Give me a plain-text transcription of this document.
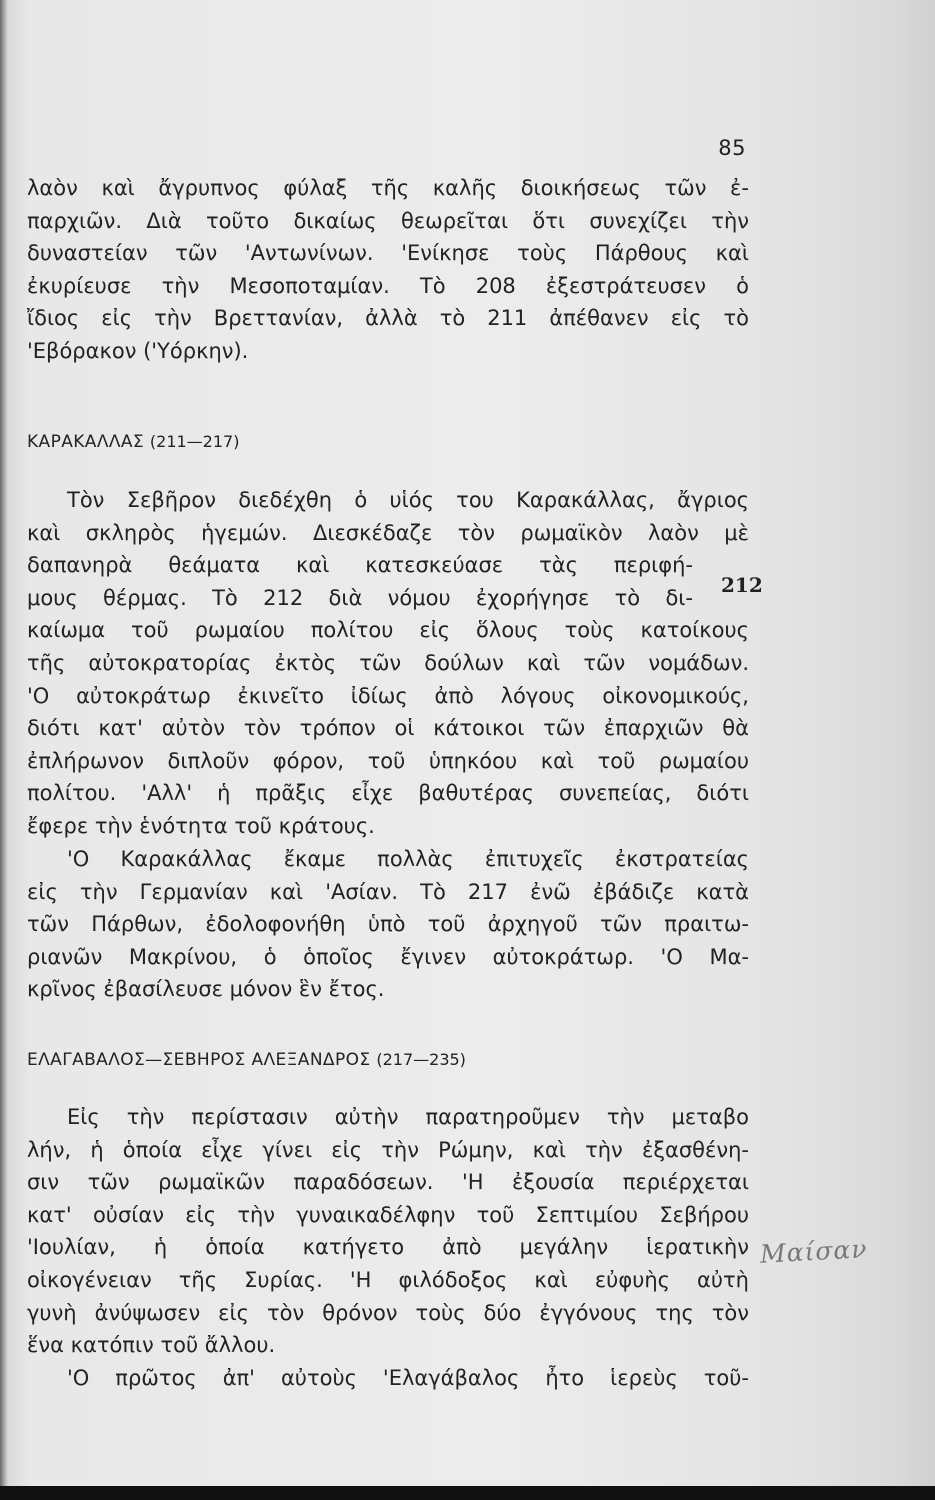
85
λαὸν καὶ ἄγρυπνος φύλαξ τῆς καλῆς διοικήσεως τῶν ἐ-
παρχιῶν. Διὰ τοῦτο δικαίως θεωρεῖται ὅτι συνεχίζει τὴν
δυναστείαν τῶν 'Αντωνίνων. 'Ενίκησε τοὺς Πάρθους καὶ
ἐκυρίευσε τὴν Μεσοποταμίαν. Τὸ 208 ἐξεστράτευσεν ὁ
ἴδιος εἰς τὴν Βρεττανίαν, ἀλλὰ τὸ 211 ἀπέθανεν εἰς τὸ
'Εβόρακον ('Υόρκην).
ΚΑΡΑΚΑΛΛΑΣ (211—217)
Τὸν Σεβῆρον διεδέχθη ὁ υἱός του Καρακάλλας, ἄγριος
καὶ σκληρὸς ἡγεμών. Διεσκέδαζε τὸν ρωμαϊκὸν λαὸν μὲ
δαπανηρὰ θεάματα καὶ κατεσκεύασε τὰς περιφή-
μους θέρμας. Τὸ 212 διὰ νόμου ἐχορήγησε τὸ δι-
καίωμα τοῦ ρωμαίου πολίτου εἰς ὅλους τοὺς κατοίκους
τῆς αὐτοκρατορίας ἐκτὸς τῶν δούλων καὶ τῶν νομάδων.
'Ο αὐτοκράτωρ ἐκινεῖτο ἰδίως ἀπὸ λόγους οἰκονομικούς,
διότι κατ' αὐτὸν τὸν τρόπον οἱ κάτοικοι τῶν ἐπαρχιῶν θὰ
ἐπλήρωνον διπλοῦν φόρον, τοῦ ὑπηκόου καὶ τοῦ ρωμαίου
πολίτου. 'Αλλ' ἡ πρᾶξις εἶχε βαθυτέρας συνεπείας, διότι
ἔφερε τὴν ἑνότητα τοῦ κράτους.
212
'Ο Καρακάλλας ἔκαμε πολλὰς ἐπιτυχεῖς ἐκστρατείας
εἰς τὴν Γερμανίαν καὶ 'Ασίαν. Τὸ 217 ἐνῶ ἐβάδιζε κατὰ
τῶν Πάρθων, ἐδολοφονήθη ὑπὸ τοῦ ἀρχηγοῦ τῶν πραιτω-
ριανῶν Μακρίνου, ὁ ὁποῖος ἔγινεν αὐτοκράτωρ. 'Ο Μα-
κρῖνος ἐβασίλευσε μόνον ἓν ἔτος.
ΕΛΑΓΑΒΑΛΟΣ—ΣΕΒΗΡΟΣ ΑΛΕΞΑΝΔΡΟΣ (217—235)
Εἰς τὴν περίστασιν αὐτὴν παρατηροῦμεν τὴν μεταβο
λήν, ἡ ὁποία εἶχε γίνει εἰς τὴν Ρώμην, καὶ τὴν ἐξασθένη-
σιν τῶν ρωμαϊκῶν παραδόσεων. 'Η ἐξουσία περιέρχεται
κατ' οὐσίαν εἰς τὴν γυναικαδέλφην τοῦ Σεπτιμίου Σεβήρου
'Ιουλίαν, ἡ ὁποία κατήγετο ἀπὸ μεγάλην ἱερατικὴν
οἰκογένειαν τῆς Συρίας. 'Η φιλόδοξος καὶ εὐφυὴς αὐτὴ
γυνὴ ἀνύψωσεν εἰς τὸν θρόνον τοὺς δύο ἐγγόνους της τὸν
ἕνα κατόπιν τοῦ ἄλλου.
'Ο πρῶτος ἀπ' αὐτοὺς 'Ελαγάβαλος ἦτο ἱερεὺς τοῦ-
Μαίσαν
